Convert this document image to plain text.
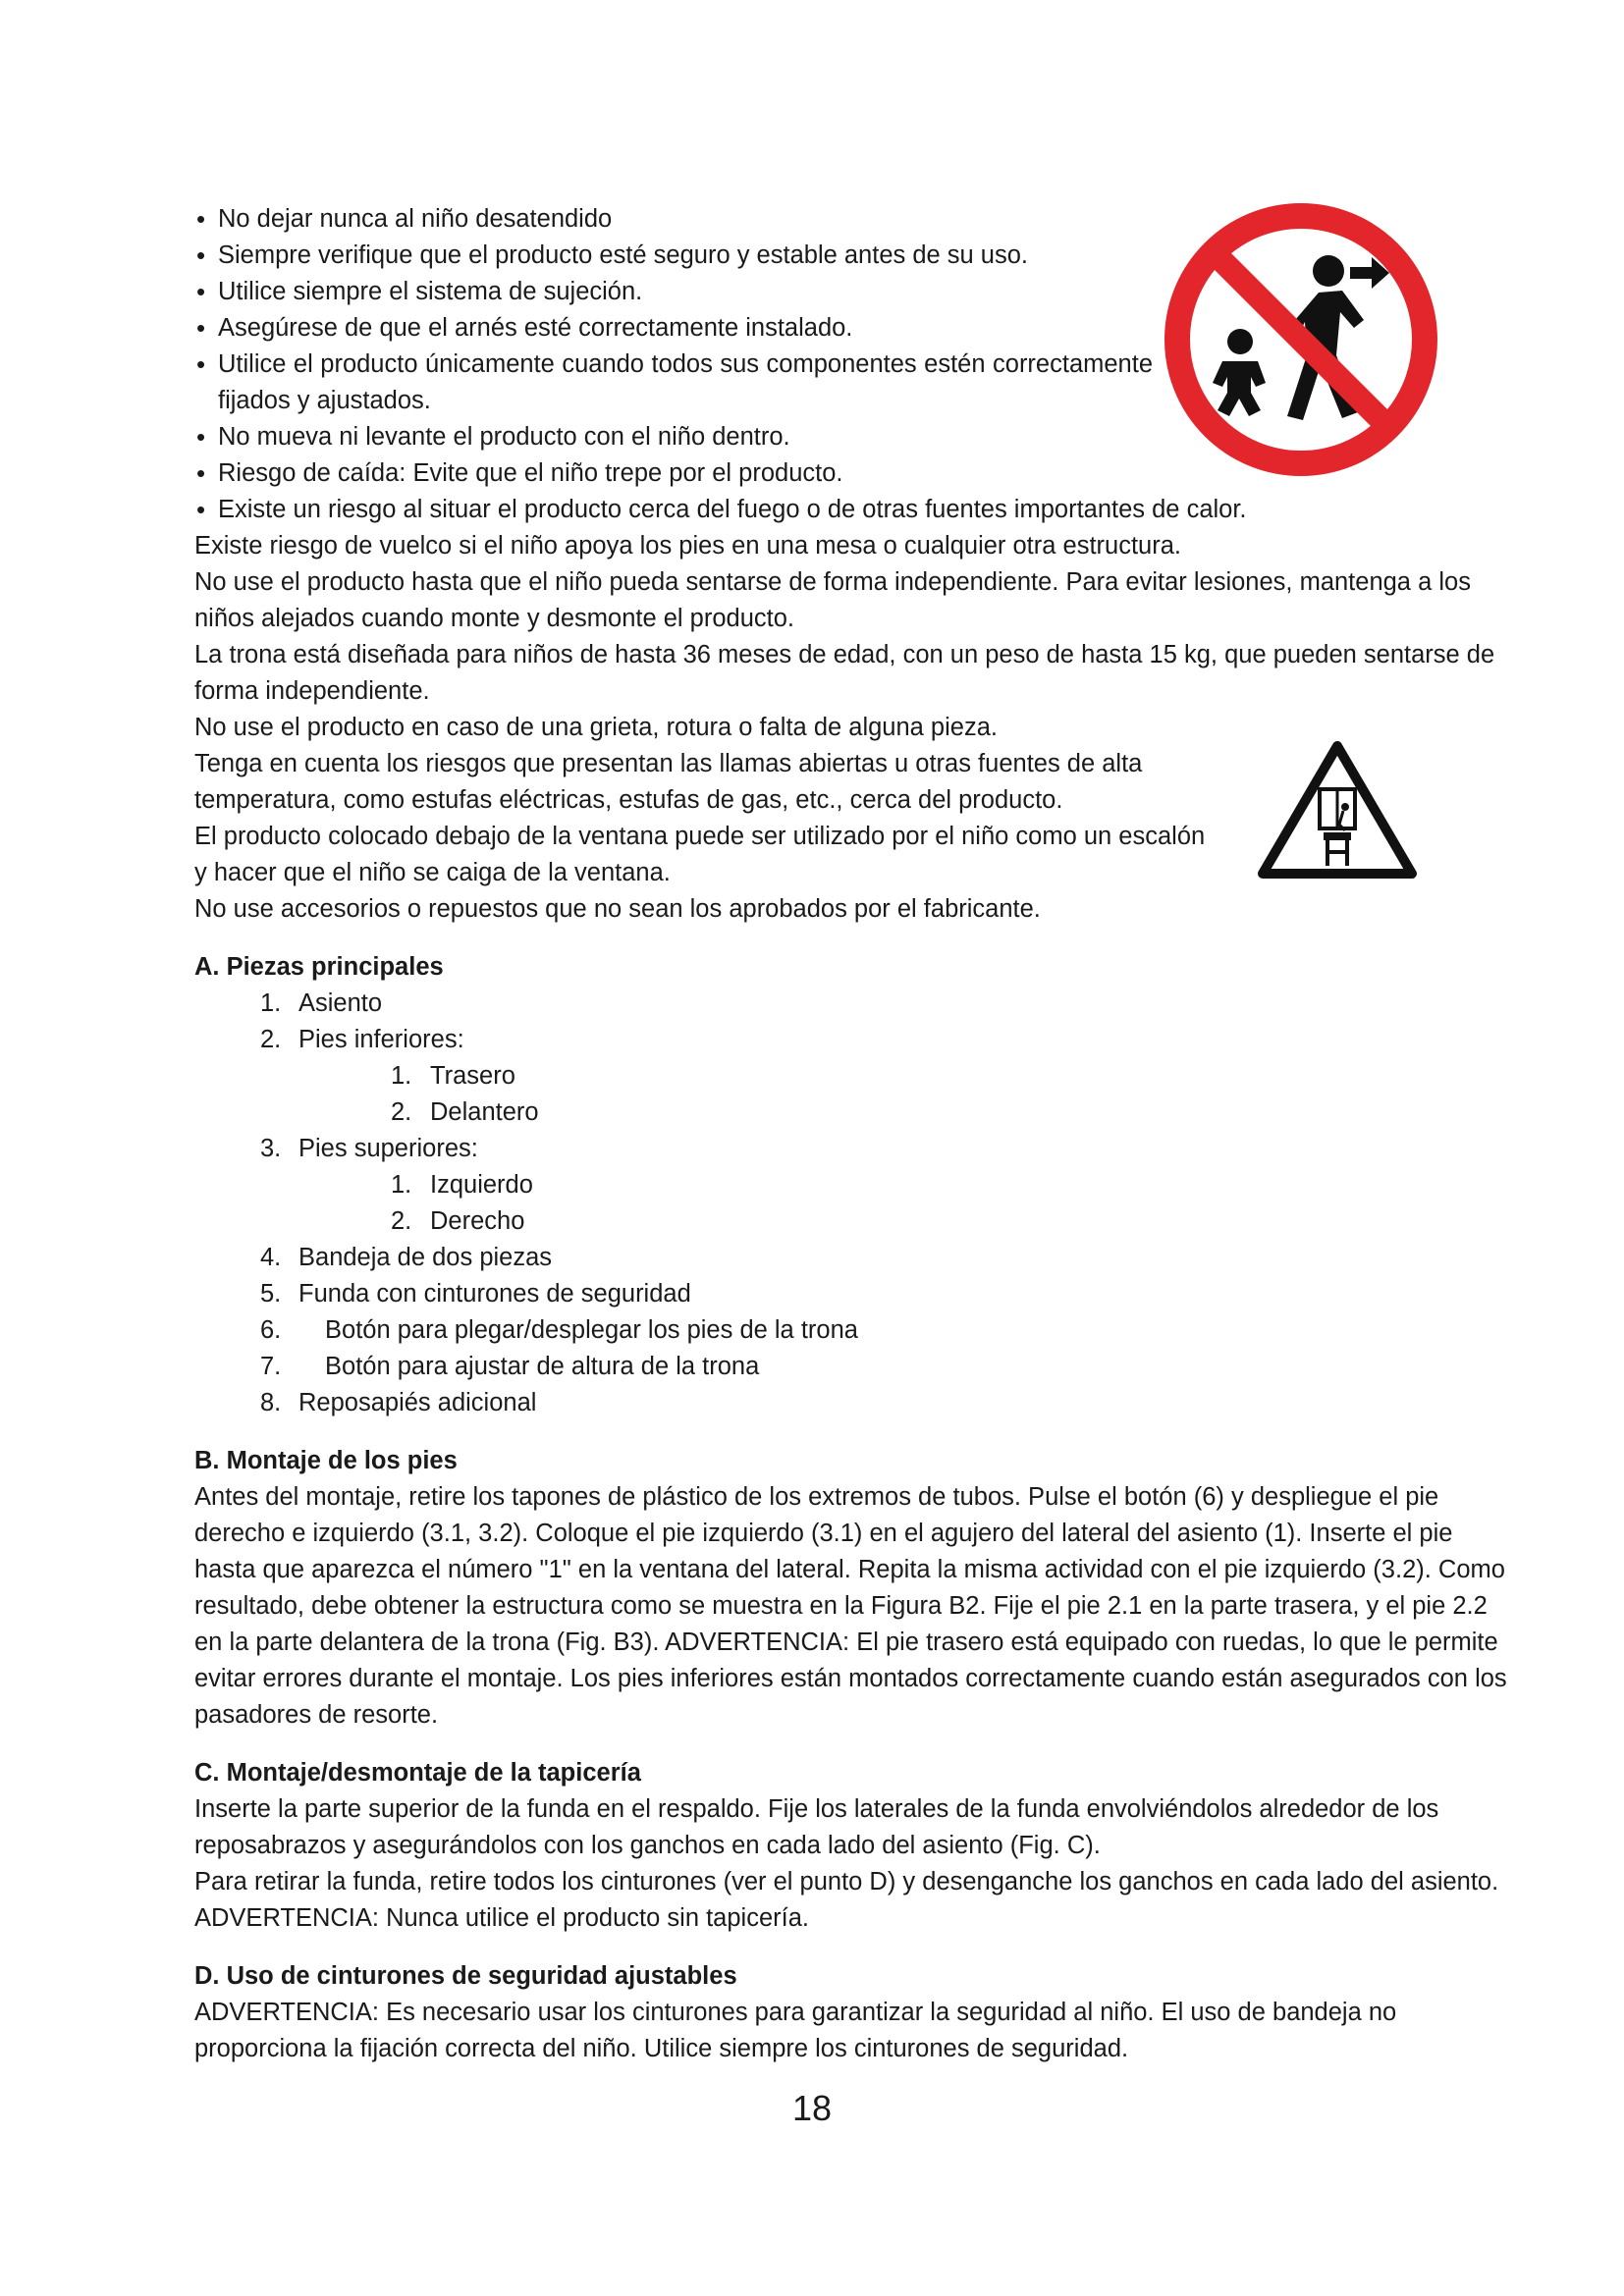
• No dejar nunca al niño desatendido
• Siempre verifique que el producto esté seguro y estable antes de su uso.
• Utilice siempre el sistema de sujeción.
• Asegúrese de que el arnés esté correctamente instalado.
• Utilice el producto únicamente cuando todos sus componentes estén correctamente fijados y ajustados.
• No mueva ni levante el producto con el niño dentro.
• Riesgo de caída: Evite que el niño trepe por el producto.
• Existe un riesgo al situar el producto cerca del fuego o de otras fuentes importantes de calor.

Existe riesgo de vuelco si el niño apoya los pies en una mesa o cualquier otra estructura.

No use el producto hasta que el niño pueda sentarse de forma independiente. Para evitar lesiones, mantenga a los niños alejados cuando monte y desmonte el producto.

La trona está diseñada para niños de hasta 36 meses de edad, con un peso de hasta 15 kg, que pueden sentarse de forma independiente.

No use el producto en caso de una grieta, rotura o falta de alguna pieza.

Tenga en cuenta los riesgos que presentan las llamas abiertas u otras fuentes de alta temperatura, como estufas eléctricas, estufas de gas, etc., cerca del producto.

El producto colocado debajo de la ventana puede ser utilizado por el niño como un escalón y hacer que el niño se caiga de la ventana.

No use accesorios o repuestos que no sean los aprobados por el fabricante.

A. Piezas principales

1. Asiento
2. Pies inferiores:
1. Trasero
2. Delantero
3. Pies superiores:
1. Izquierdo
2. Derecho
4. Bandeja de dos piezas
5. Funda con cinturones de seguridad
6. Botón para plegar/desplegar los pies de la trona
7. Botón para ajustar de altura de la trona
8. Reposapiés adicional

B. Montaje de los pies

Antes del montaje, retire los tapones de plástico de los extremos de tubos. Pulse el botón (6) y despliegue el pie derecho e izquierdo (3.1, 3.2). Coloque el pie izquierdo (3.1) en el agujero del lateral del asiento (1). Inserte el pie hasta que aparezca el número "1" en la ventana del lateral. Repita la misma actividad con el pie izquierdo (3.2). Como resultado, debe obtener la estructura como se muestra en la Figura B2. Fije el pie 2.1 en la parte trasera, y el pie 2.2 en la parte delantera de la trona (Fig. B3). ADVERTENCIA: El pie trasero está equipado con ruedas, lo que le permite evitar errores durante el montaje. Los pies inferiores están montados correctamente cuando están asegurados con los pasadores de resorte.

C. Montaje/desmontaje de la tapicería

Inserte la parte superior de la funda en el respaldo. Fije los laterales de la funda envolviéndolos alrededor de los reposabrazos y asegurándolos con los ganchos en cada lado del asiento (Fig. C).

Para retirar la funda, retire todos los cinturones (ver el punto D) y desenganche los ganchos en cada lado del asiento.

ADVERTENCIA: Nunca utilice el producto sin tapicería.

D. Uso de cinturones de seguridad ajustables

ADVERTENCIA: Es necesario usar los cinturones para garantizar la seguridad al niño. El uso de bandeja no proporciona la fijación correcta del niño. Utilice siempre los cinturones de seguridad.

18
